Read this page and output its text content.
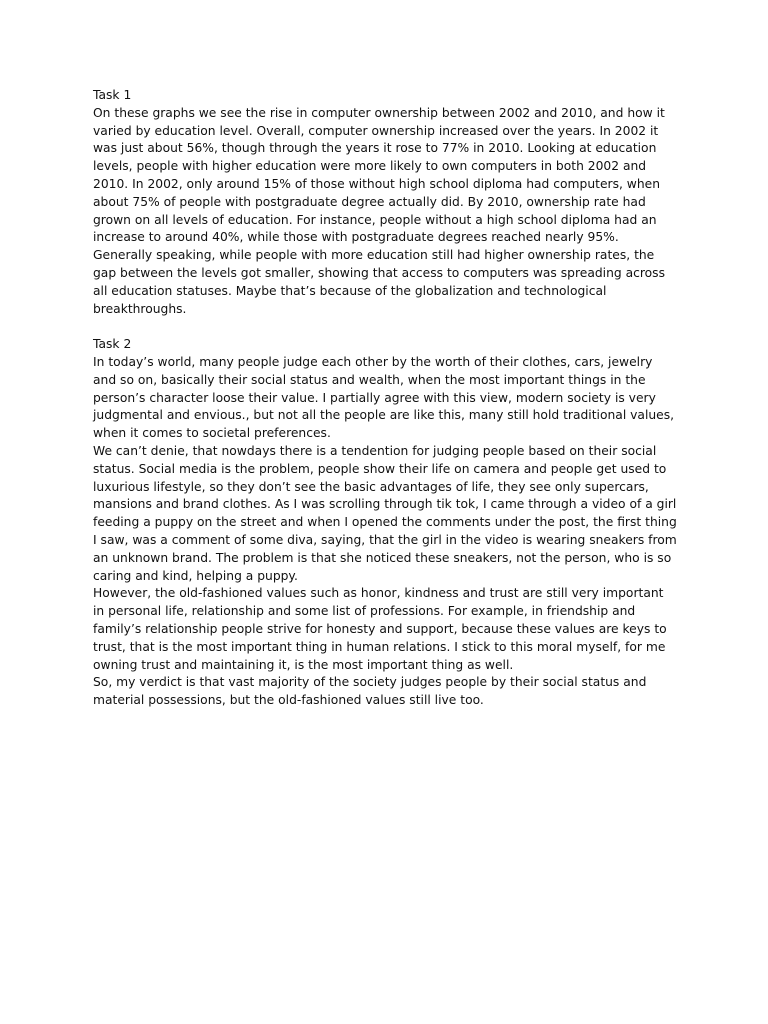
Task 1

On these graphs we see the rise in computer ownership between 2002 and 2010, and how it varied by education level. Overall, computer ownership increased over the years. In 2002 it was just about 56%, though through the years it rose to 77% in 2010. Looking at education levels, people with higher education were more likely to own computers in both 2002 and 2010. In 2002, only around 15% of those without high school diploma had computers, when about 75% of people with postgraduate degree actually did. By 2010, ownership rate had grown on all levels of education. For instance, people without a high school diploma had an increase to around 40%, while those with postgraduate degrees reached nearly 95%. Generally speaking, while people with more education still had higher ownership rates, the gap between the levels got smaller, showing that access to computers was spreading across all education statuses. Maybe that’s because of the globalization and technological breakthroughs.

Task 2

In today’s world, many people judge each other by the worth of their clothes, cars, jewelry and so on, basically their social status and wealth, when the most important things in the person’s character loose their value. I partially agree with this view, modern society is very judgmental and envious., but not all the people are like this, many still hold traditional values, when it comes to societal preferences.

We can’t denie, that nowdays there is a tendention for judging people based on their social status. Social media is the problem, people show their life on camera and people get used to luxurious lifestyle, so they don’t see the basic advantages of life, they see only supercars, mansions and brand clothes. As I was scrolling through tik tok, I came through a video of a girl feeding a puppy on the street and when I opened the comments under the post, the first thing I saw, was a comment of some diva, saying, that the girl in the video is wearing sneakers from an unknown brand. The problem is that she noticed these sneakers, not the person, who is so caring and kind, helping a puppy.

However, the old-fashioned values such as honor, kindness and trust are still very important in personal life, relationship and some list of professions. For example, in friendship and family’s relationship people strive for honesty and support, because these values are keys to trust, that is the most important thing in human relations. I stick to this moral myself, for me owning trust and maintaining it, is the most important thing as well.

So, my verdict is that vast majority of the society judges people by their social status and material possessions, but the old-fashioned values still live too.
